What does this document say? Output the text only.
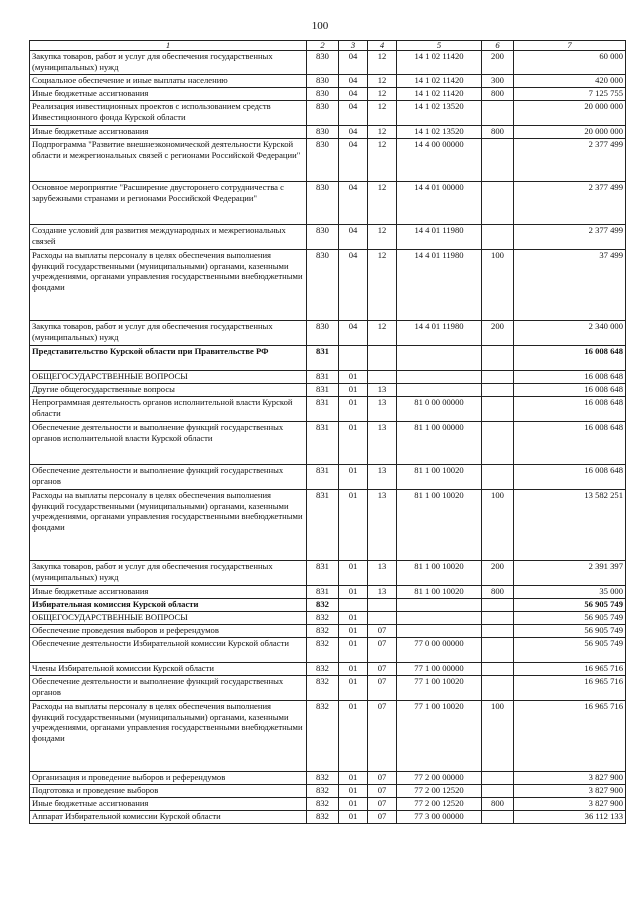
100
1	2	3	4	5	6	7
Закупка товаров, работ и услуг для обеспечения государственных (муниципальных) нужд	830	04	12	14 1 02 11420	200	60 000
Социальное обеспечение и иные выплаты населению	830	04	12	14 1 02 11420	300	420 000
Иные бюджетные ассигнования	830	04	12	14 1 02 11420	800	7 125 755
Реализация инвестиционных проектов с использованием средств Инвестиционного фонда Курской области	830	04	12	14 1 02 13520		20 000 000
Иные бюджетные ассигнования	830	04	12	14 1 02 13520	800	20 000 000
Подпрограмма "Развитие внешнеэкономической деятельности Курской области и межрегиональных связей с регионами Российской Федерации"	830	04	12	14 4 00 00000		2 377 499
Основное мероприятие "Расширение двусторонего сотрудничества с зарубежными странами и регионами Российской Федерации"	830	04	12	14 4 01 00000		2 377 499
Создание условий для развития международных и межрегиональных связей	830	04	12	14 4 01 11980		2 377 499
Расходы на выплаты персоналу в целях обеспечения выполнения функций государственными (муниципальными) органами, казенными учреждениями, органами управления государственными внебюджетными фондами	830	04	12	14 4 01 11980	100	37 499
Закупка товаров, работ и услуг для обеспечения государственных (муниципальных) нужд	830	04	12	14 4 01 11980	200	2 340 000
Представительство Курской области при Правительстве РФ	831					16 008 648
ОБЩЕГОСУДАРСТВЕННЫЕ ВОПРОСЫ	831	01				16 008 648
Другие общегосударственные вопросы	831	01	13			16 008 648
Непрограммная деятельность органов исполнительной власти Курской области	831	01	13	81 0 00 00000		16 008 648
Обеспечение деятельности и выполнение функций государственных органов исполнительной власти Курской области	831	01	13	81 1 00 00000		16 008 648
Обеспечение деятельности и выполнение функций государственных органов	831	01	13	81 1 00 10020		16 008 648
Расходы на выплаты персоналу в целях обеспечения выполнения функций государственными (муниципальными) органами, казенными учреждениями, органами управления государственными внебюджетными фондами	831	01	13	81 1 00 10020	100	13 582 251
Закупка товаров, работ и услуг для обеспечения государственных (муниципальных) нужд	831	01	13	81 1 00 10020	200	2 391 397
Иные бюджетные ассигнования	831	01	13	81 1 00 10020	800	35 000
Избирательная комиссия Курской области	832					56 905 749
ОБЩЕГОСУДАРСТВЕННЫЕ ВОПРОСЫ	832	01				56 905 749
Обеспечение проведения выборов и референдумов	832	01	07			56 905 749
Обеспечение деятельности Избирательной комиссии Курской области	832	01	07	77 0 00 00000		56 905 749
Члены Избирательной комиссии Курской области	832	01	07	77 1 00 00000		16 965 716
Обеспечение деятельности и выполнение функций государственных органов	832	01	07	77 1 00 10020		16 965 716
Расходы на выплаты персоналу в целях обеспечения выполнения функций государственными (муниципальными) органами, казенными учреждениями, органами управления государственными внебюджетными фондами	832	01	07	77 1 00 10020	100	16 965 716
Организация и проведение выборов и референдумов	832	01	07	77 2 00 00000		3 827 900
Подготовка и проведение выборов	832	01	07	77 2 00 12520		3 827 900
Иные бюджетные ассигнования	832	01	07	77 2 00 12520	800	3 827 900
Аппарат Избирательной комиссии Курской области	832	01	07	77 3 00 00000		36 112 133
